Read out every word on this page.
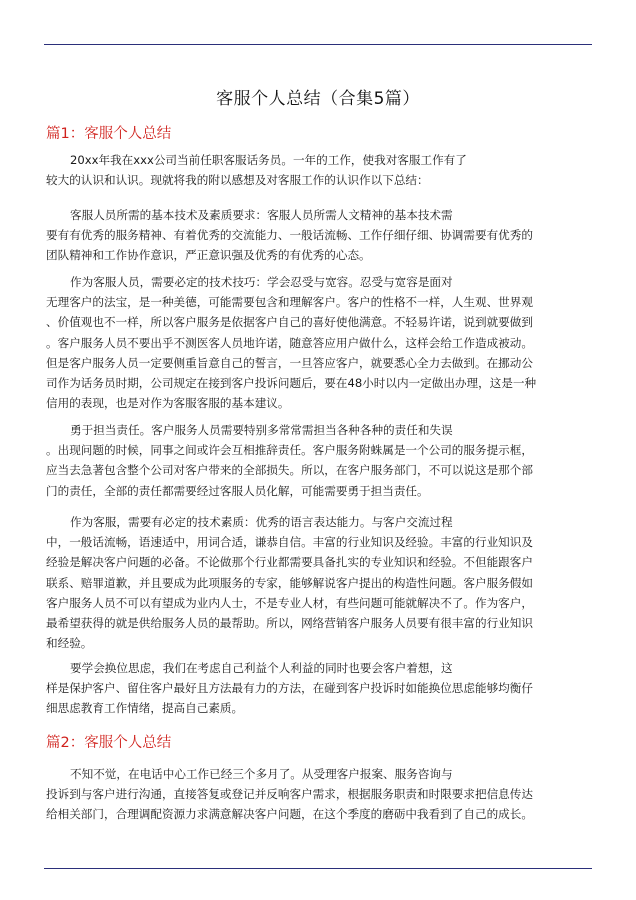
客服个人总结（合集5篇）
篇1：客服个人总结
20xx年我在xxx公司当前任职客服话务员。一年的工作，使我对客服工作有了
较大的认识和认识。现就将我的附以感想及对客服工作的认识作以下总结：
客服人员所需的基本技术及素质要求：客服人员所需人文精神的基本技术需
要有有优秀的服务精神、有着优秀的交流能力、一般话流畅、工作仔细仔细、协调需要有优秀的
团队精神和工作协作意识，严正意识强及优秀的有优秀的心态。
作为客服人员，需要必定的技术技巧：学会忍受与宽容。忍受与宽容是面对
无理客户的法宝，是一种美德，可能需要包含和理解客户。客户的性格不一样，人生观、世界观
、价值观也不一样，所以客户服务是依据客户自己的喜好使他满意。不轻易许诺，说到就要做到
。客户服务人员不要出乎不测医客人员地许诺，随意答应用户做什么，这样会给工作造成被动。
但是客户服务人员一定要侧重旨意自己的誓言，一旦答应客户，就要悉心全力去做到。在挪动公
司作为话务员时期，公司规定在接到客户投诉问题后，要在48小时以内一定做出办理，这是一种
信用的表现，也是对作为客服客服的基本建议。
勇于担当责任。客户服务人员需要特别多常常需担当各种各种的责任和失误
。出现问题的时候，同事之间或许会互相推辞责任。客户服务附蛛属是一个公司的服务提示框，
应当去急著包含整个公司对客户带来的全部损失。所以，在客户服务部门，不可以说这是那个部
门的责任，全部的责任都需要经过客服人员化解，可能需要勇于担当责任。
作为客服，需要有必定的技术素质：优秀的语言表达能力。与客户交流过程
中，一般话流畅，语速适中，用词合适，谦恭自信。丰富的行业知识及经验。丰富的行业知识及
经验是解决客户问题的必备。不论做那个行业都需要具备扎实的专业知识和经验。不但能跟客户
联系、赔罪道歉，并且要成为此项服务的专家，能够解说客户提出的构造性问题。客户服务假如
客户服务人员不可以有望成为业内人士，不是专业人材，有些问题可能就解决不了。作为客户，
最希望获得的就是供给服务人员的最帮助。所以，网络营销客户服务人员要有很丰富的行业知识
和经验。
要学会换位思虑，我们在考虑自己利益个人利益的同时也要会客户着想，这
样是保护客户、留住客户最好且方法最有力的方法，在碰到客户投诉时如能换位思虑能够均衡仔
细思虑教育工作情绪，提高自己素质。
篇2：客服个人总结
不知不觉，在电话中心工作已经三个多月了。从受理客户报案、服务咨询与
投诉到与客户进行沟通，直接答复或登记并反响客户需求，根据服务职责和时限要求把信息传达
给相关部门，合理调配资源力求满意解决客户问题，在这个季度的磨砺中我看到了自己的成长。
